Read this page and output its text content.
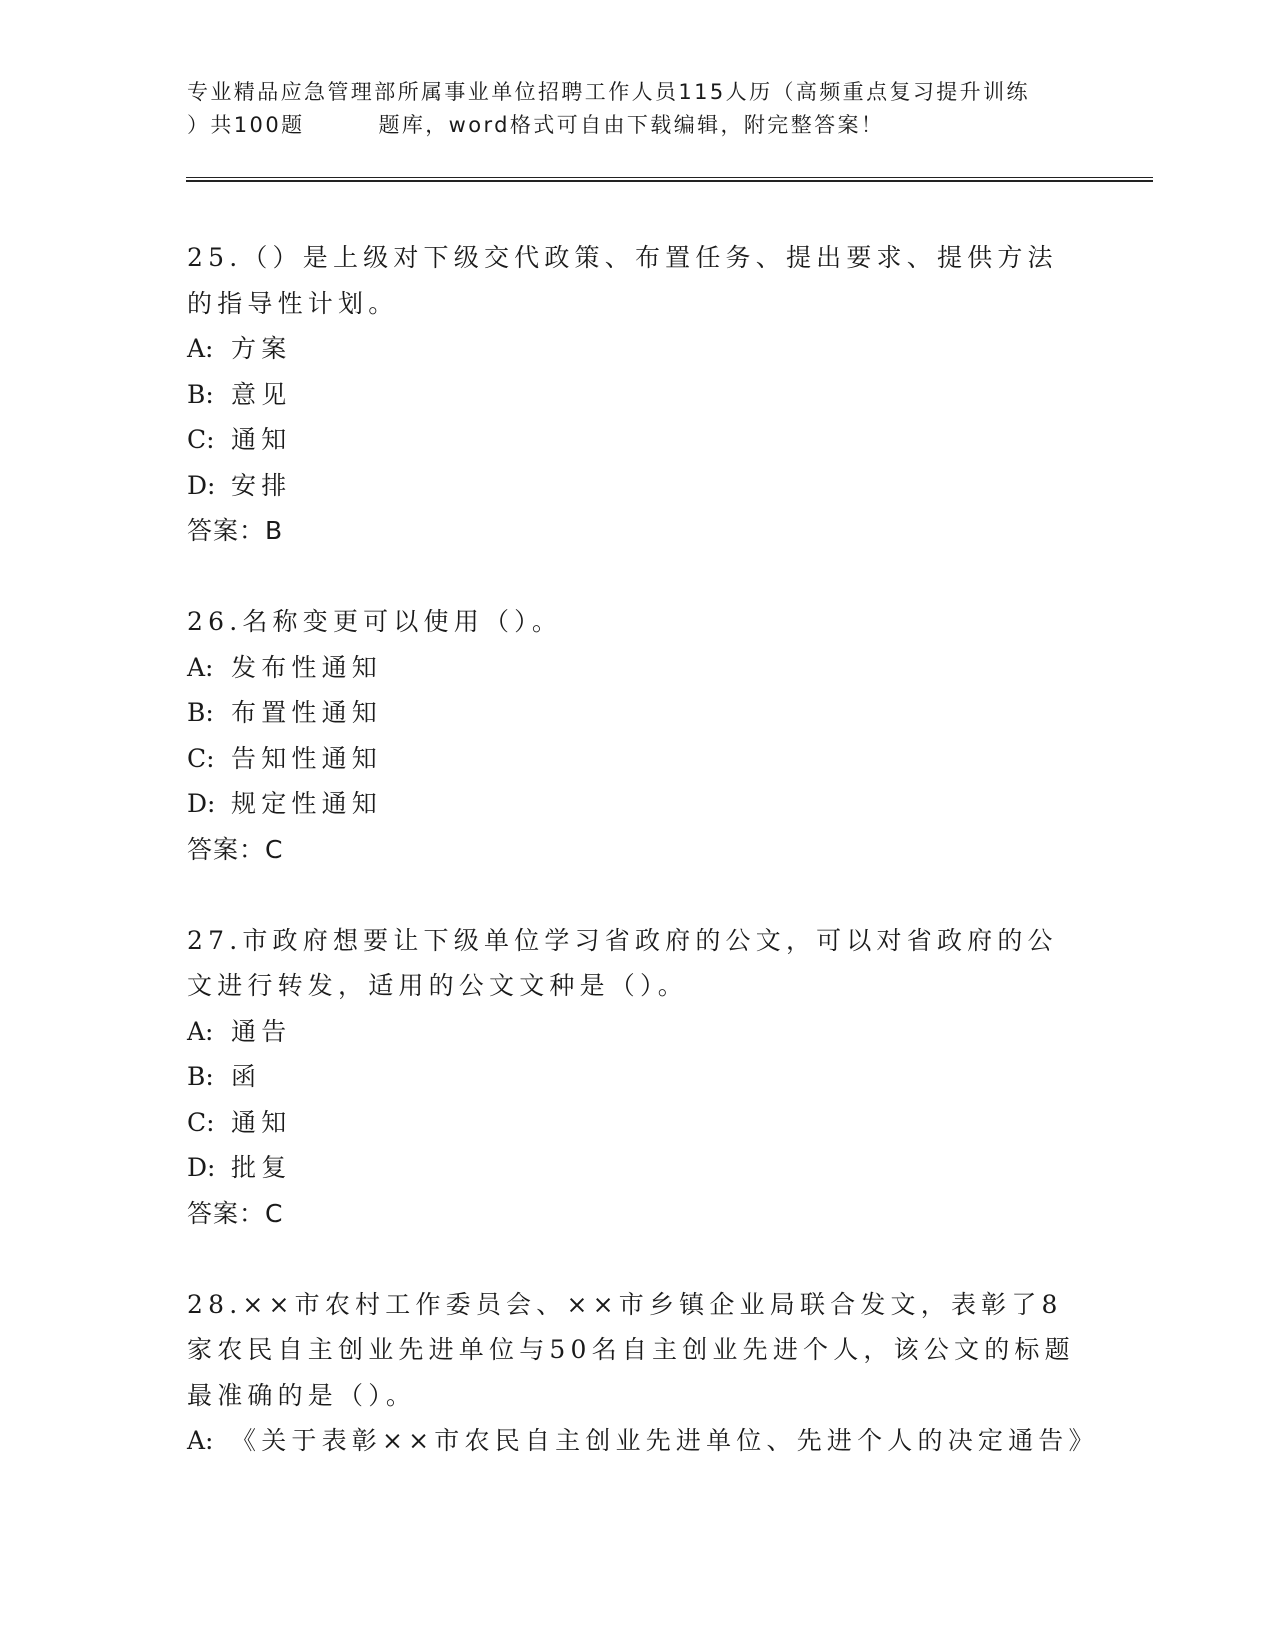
专业精品应急管理部所属事业单位招聘工作人员115人历（高频重点复习提升训练
）共100题	题库，word格式可自由下载编辑，附完整答案！
25.（）是上级对下级交代政策、布置任务、提出要求、提供方法的指导性计划。
A: 方案
B: 意见
C: 通知
D: 安排
答案：B
26.名称变更可以使用（）。
A: 发布性通知
B: 布置性通知
C: 告知性通知
D: 规定性通知
答案：C
27.市政府想要让下级单位学习省政府的公文，可以对省政府的公文进行转发，适用的公文文种是（）。
A: 通告
B: 函
C: 通知
D: 批复
答案：C
28.××市农村工作委员会、××市乡镇企业局联合发文，表彰了8家农民自主创业先进单位与50名自主创业先进个人，该公文的标题最准确的是（）。
A: 《关于表彰××市农民自主创业先进单位、先进个人的决定通告》
